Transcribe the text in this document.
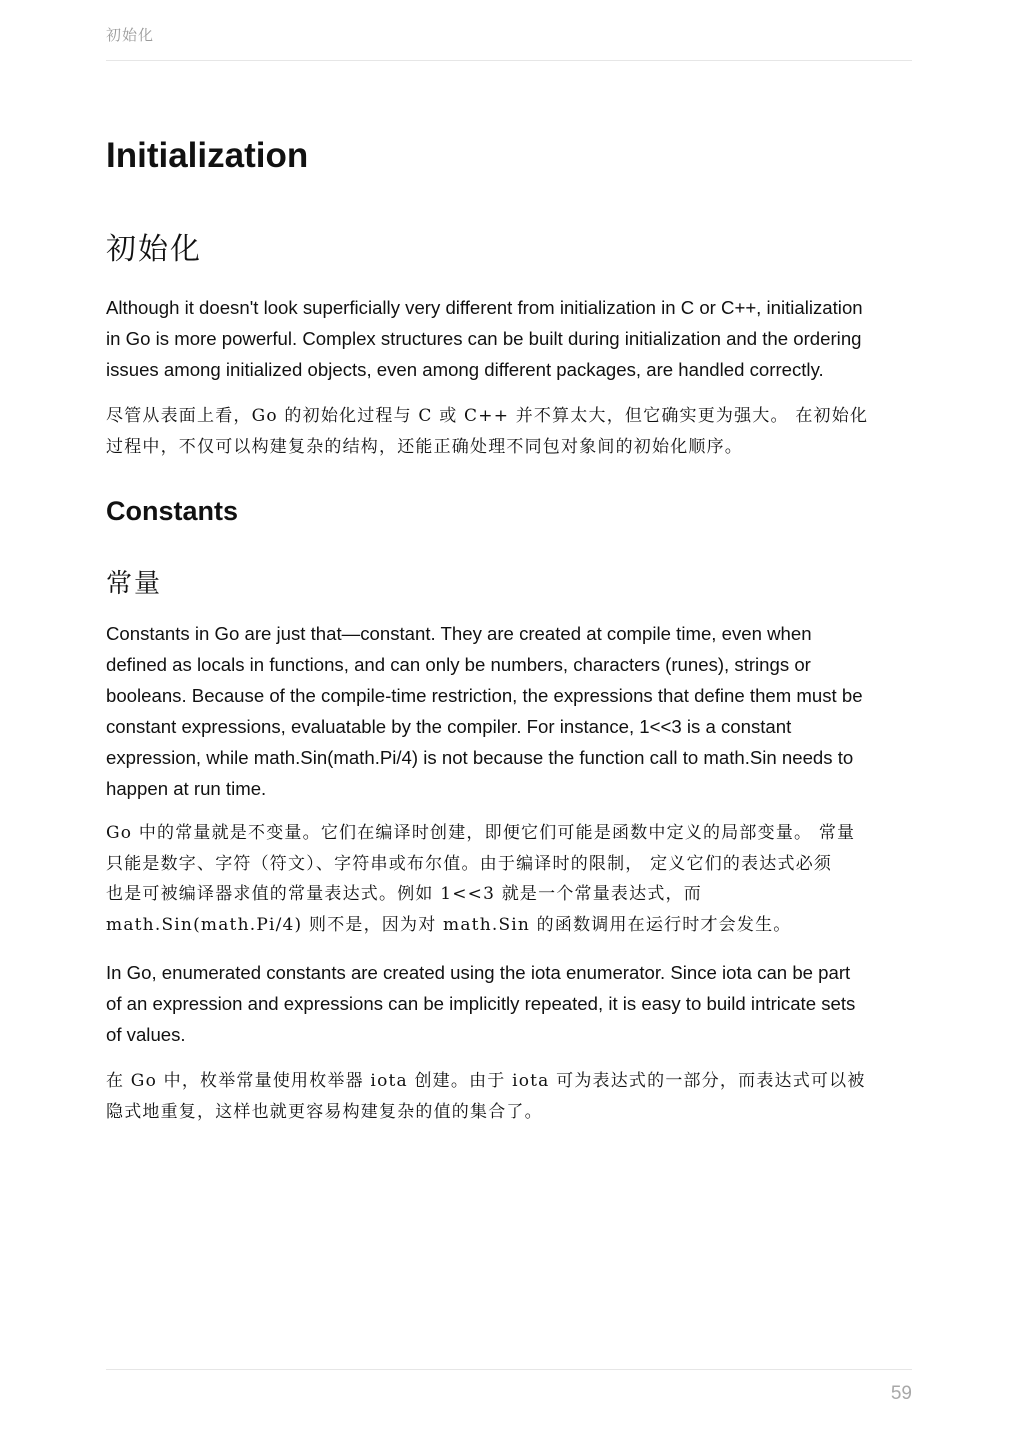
初始化
Initialization
初始化

Although it doesn't look superficially very different from initialization in C or C++, initialization
in Go is more powerful. Complex structures can be built during initialization and the ordering
issues among initialized objects, even among different packages, are handled correctly.

尽管从表面上看，Go 的初始化过程与 C 或 C++ 并不算太大，但它确实更为强大。 在初始化
过程中，不仅可以构建复杂的结构，还能正确处理不同包对象间的初始化顺序。

Constants
常量

Constants in Go are just that—constant. They are created at compile time, even when
defined as locals in functions, and can only be numbers, characters (runes), strings or
booleans. Because of the compile-time restriction, the expressions that define them must be
constant expressions, evaluatable by the compiler. For instance, 1<<3 is a constant
expression, while math.Sin(math.Pi/4) is not because the function call to math.Sin needs to
happen at run time.

Go 中的常量就是不变量。它们在编译时创建，即便它们可能是函数中定义的局部变量。 常量
只能是数字、字符（符文）、字符串或布尔值。由于编译时的限制， 定义它们的表达式必须
也是可被编译器求值的常量表达式。例如 1<<3 就是一个常量表达式，而
math.Sin(math.Pi/4) 则不是，因为对 math.Sin 的函数调用在运行时才会发生。

In Go, enumerated constants are created using the iota enumerator. Since iota can be part
of an expression and expressions can be implicitly repeated, it is easy to build intricate sets
of values.

在 Go 中，枚举常量使用枚举器 iota 创建。由于 iota 可为表达式的一部分，而表达式可以被
隐式地重复，这样也就更容易构建复杂的值的集合了。

59
